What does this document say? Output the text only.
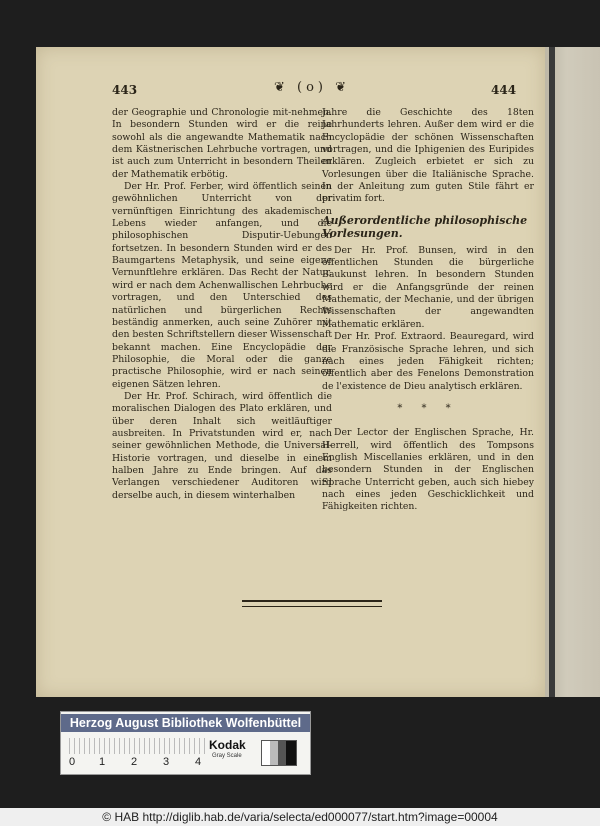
443	❦ (o) ❦	444

der Geographie und Chronologie mit-nehmen. In besondern Stunden wird er die reine sowohl als die angewandte Mathematik nach dem Kästnerischen Lehrbuche vortragen, und ist auch zum Unterricht in besondern Theilen der Mathematik erbötig.

Der Hr. Prof. Ferber, wird öffentlich seinen gewöhnlichen Unterricht von der vernünftigen Einrichtung des akademischen Lebens wieder anfangen, und die philosophischen Disputir-Uebungen fortsetzen. In besondern Stunden wird er des Baumgartens Metaphysik, und seine eigene Vernunftlehre erklären. Das Recht der Natur, wird er nach dem Achenwallischen Lehrbuche vortragen, und den Unterschied des natürlichen und bürgerlichen Rechts beständig anmerken, auch seine Zuhörer mit den besten Schriftstellern dieser Wissenschaft bekannt machen. Eine Encyclopädie der Philosophie, die Moral oder die ganze practische Philosophie, wird er nach seinen eigenen Sätzen lehren.

Der Hr. Prof. Schirach, wird öffentlich die moralischen Dialogen des Plato erklären, und über deren Inhalt sich weitläuftiger ausbreiten. In Privatstunden wird er, nach seiner gewöhnlichen Methode, die Universal-Historie vortragen, und dieselbe in einem halben Jahre zu Ende bringen. Auf das Verlangen verschiedener Auditoren wird derselbe auch, in diesem winterhalben

Jahre die Geschichte des 18ten Jahrhunderts lehren. Außer dem wird er die Encyclopädie der schönen Wissenschaften vortragen, und die Iphigenien des Euripides erklären. Zugleich erbietet er sich zu Vorlesungen über die Italiänische Sprache. In der Anleitung zum guten Stile fährt er privatim fort.

Außerordentliche philosophische Vorlesungen.

Der Hr. Prof. Bunsen, wird in den öffentlichen Stunden die bürgerliche Baukunst lehren. In besondern Stunden wird er die Anfangsgründe der reinen Mathematic, der Mechanie, und der übrigen Wissenschaften der angewandten Mathematic erklären.

Der Hr. Prof. Extraord. Beauregard, wird die Französische Sprache lehren, und sich nach eines jeden Fähigkeit richten; öffentlich aber des Fenelons Demonstration de l'existence de Dieu analytisch erklären.

* * *

Der Lector der Englischen Sprache, Hr. Herrell, wird öffentlich des Tompsons English Miscellanies erklären, und in den besondern Stunden in der Englischen Sprache Unterricht geben, auch sich hiebey nach eines jeden Geschicklichkeit und Fähigkeiten richten.

Herzog August Bibliothek Wolfenbüttel
0 1 2 3 4
Kodak
Gray Scale
© HAB http://diglib.hab.de/varia/selecta/ed000077/start.htm?image=00004
